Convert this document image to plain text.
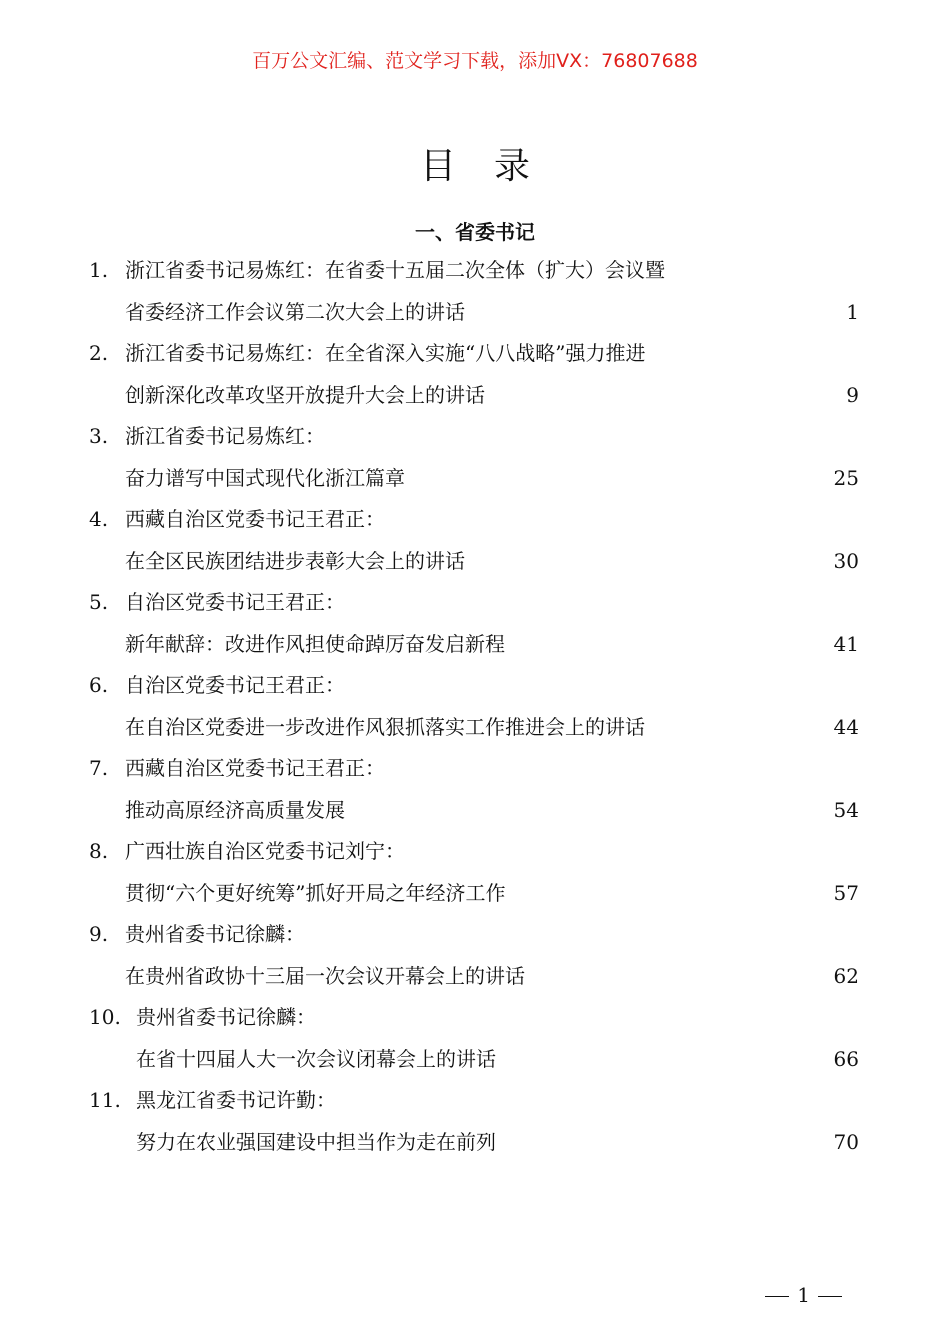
百万公文汇编、范文学习下载，添加VX：76807688
目录
一、省委书记
1. 浙江省委书记易炼红：在省委十五届二次全体（扩大）会议暨
省委经济工作会议第二次大会上的讲话	1
2. 浙江省委书记易炼红：在全省深入实施“八八战略”强力推进
创新深化改革攻坚开放提升大会上的讲话	9
3. 浙江省委书记易炼红：
奋力谱写中国式现代化浙江篇章	25
4. 西藏自治区党委书记王君正：
在全区民族团结进步表彰大会上的讲话	30
5. 自治区党委书记王君正：
新年献辞：改进作风担使命踔厉奋发启新程	41
6. 自治区党委书记王君正：
在自治区党委进一步改进作风狠抓落实工作推进会上的讲话	44
7. 西藏自治区党委书记王君正：
推动高原经济高质量发展	54
8. 广西壮族自治区党委书记刘宁：
贯彻“六个更好统筹”抓好开局之年经济工作	57
9. 贵州省委书记徐麟：
在贵州省政协十三届一次会议开幕会上的讲话	62
10. 贵州省委书记徐麟：
在省十四届人大一次会议闭幕会上的讲话	66
11. 黑龙江省委书记许勤：
努力在农业强国建设中担当作为走在前列	70
1
